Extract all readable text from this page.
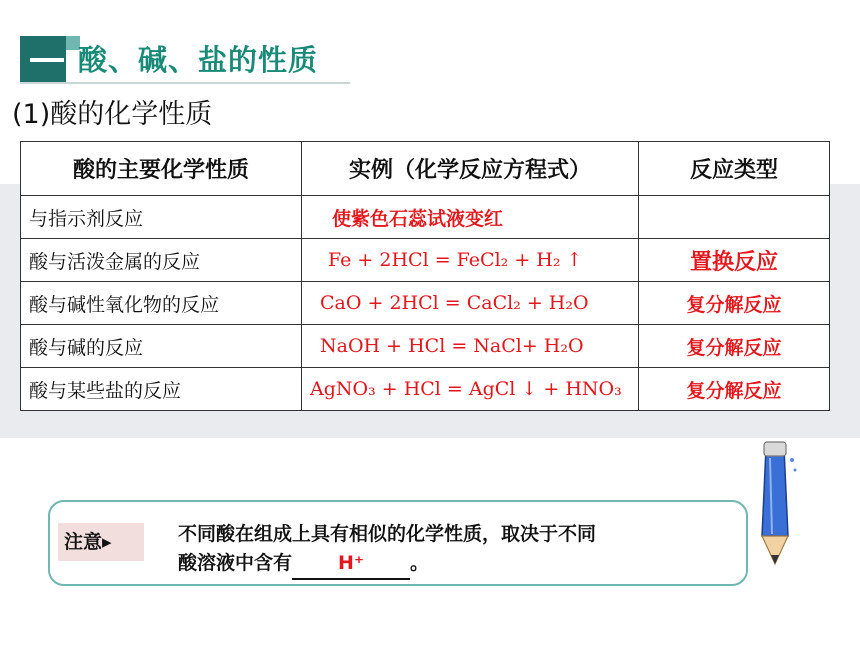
酸、碱、盐的性质
(1)酸的化学性质
酸的主要化学性质	实例（化学反应方程式）	反应类型
与指示剂反应	使紫色石蕊试液变红	
酸与活泼金属的反应	Fe + 2HCl = FeCl₂ + H₂ ↑	置换反应
酸与碱性氧化物的反应	CaO + 2HCl = CaCl₂ + H₂O	复分解反应
酸与碱的反应	NaOH + HCl = NaCl+ H₂O	复分解反应
酸与某些盐的反应	AgNO₃ + HCl = AgCl ↓ + HNO₃	复分解反应
注意▸	不同酸在组成上具有相似的化学性质，取决于不同
酸溶液中含有 H⁺ 。
